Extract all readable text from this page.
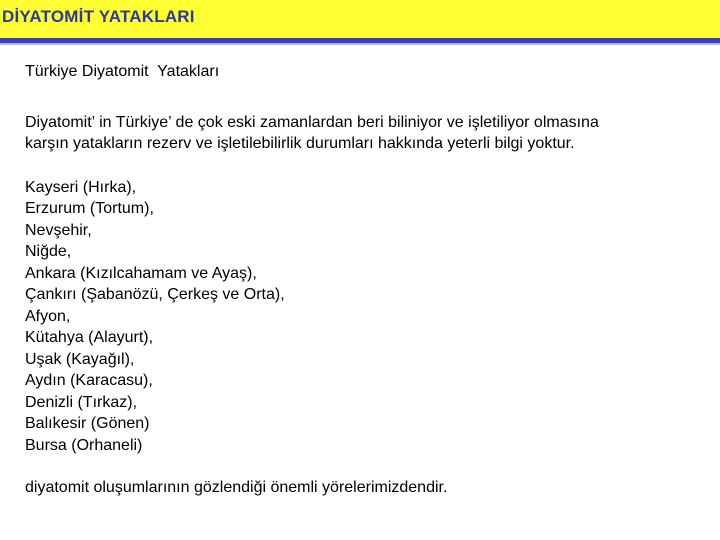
DİYATOMİT YATAKLARI

Türkiye Diyatomit  Yatakları

Diyatomit’ in Türkiye’ de çok eski zamanlardan beri biliniyor ve işletiliyor olmasına
karşın yatakların rezerv ve işletilebilirlik durumları hakkında yeterli bilgi yoktur.

Kayseri (Hırka),
Erzurum (Tortum),
Nevşehir,
Niğde,
Ankara (Kızılcahamam ve Ayaş),
Çankırı (Şabanözü, Çerkeş ve Orta),
Afyon,
Kütahya (Alayurt),
Uşak (Kayağıl),
Aydın (Karacasu),
Denizli (Tırkaz),
Balıkesir (Gönen)
Bursa (Orhaneli)

diyatomit oluşumlarının gözlendiği önemli yörelerimizdendir.
